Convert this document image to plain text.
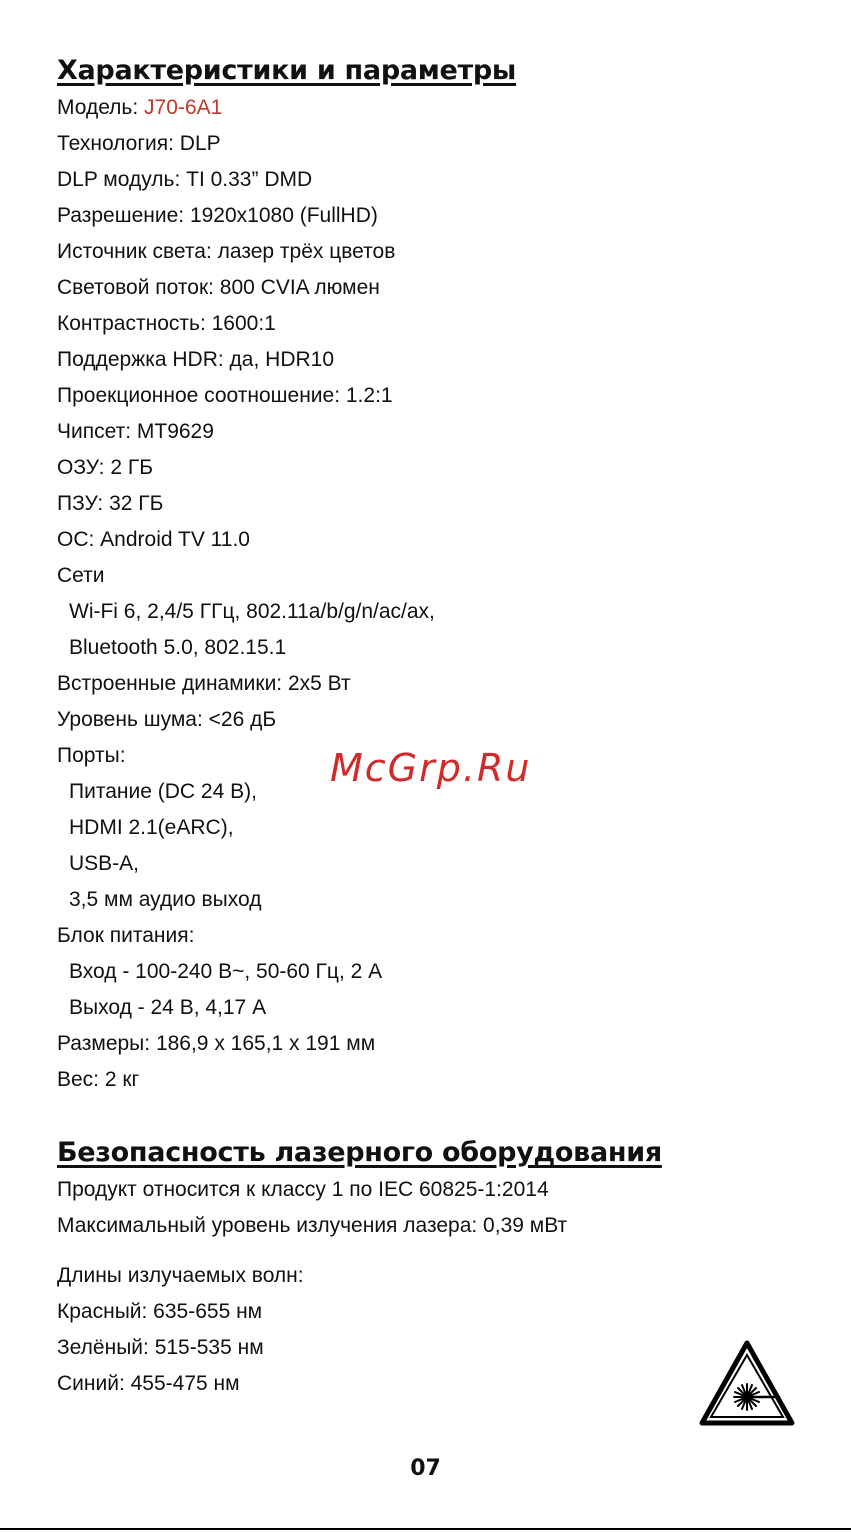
Характеристики и параметры
Модель: J70-6A1
Технология: DLP
DLP модуль: TI 0.33” DMD
Разрешение: 1920x1080 (FullHD)
Источник света: лазер трёх цветов
Световой поток: 800 CVIA люмен
Контрастность: 1600:1
Поддержка HDR: да, HDR10
Проекционное соотношение: 1.2:1
Чипсет: MT9629
ОЗУ: 2 ГБ
ПЗУ: 32 ГБ
ОС: Android TV 11.0
Сети
Wi-Fi 6, 2,4/5 ГГц, 802.11a/b/g/n/ac/ax,
Bluetooth 5.0, 802.15.1
Встроенные динамики: 2x5 Вт
Уровень шума: <26 дБ
Порты:
Питание (DC 24 В),
HDMI 2.1(eARC),
USB-A,
3,5 мм аудио выход
Блок питания:
Вход - 100-240 В~, 50-60 Гц, 2 А
Выход - 24 В, 4,17 А
Размеры: 186,9 x 165,1 x 191 мм
Вес: 2 кг
Безопасность лазерного оборудования
Продукт относится к классу 1 по IEC 60825-1:2014
Максимальный уровень излучения лазера: 0,39 мВт
Длины излучаемых волн:
Красный: 635-655 нм
Зелёный: 515-535 нм
Синий: 455-475 нм
McGrp.Ru
07
